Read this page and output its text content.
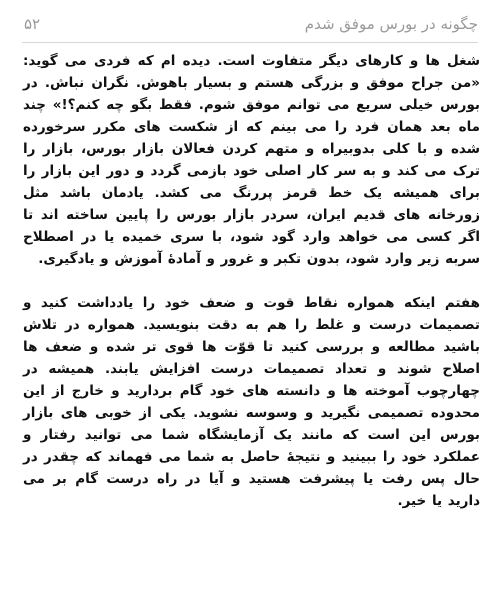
چگونه در بورس موفق شدم
۵۲

شغل ها و کارهای دیگر متفاوت است. دیده ام که فردی می گوید: «من جراح موفق و بزرگی هستم و بسیار باهوش. نگران نباش. در بورس خیلی سریع می توانم موفق شوم. فقط بگو چه کنم؟!» چند ماه بعد همان فرد را می بینم که از شکست های مکرر سرخورده شده و با کلی بدوبیراه و متهم کردن فعالان بازار بورس، بازار را ترک می کند و به سر کار اصلی خود بازمی گردد و دور این بازار را برای همیشه یک خط قرمز پررنگ می کشد. یادمان باشد مثل زورخانه های قدیم ایران، سردر بازار بورس را پایین ساخته اند تا اگر کسی می خواهد وارد گود شود، با سری خمیده یا در اصطلاح سربه زیر وارد شود، بدون تکبر و غرور و آمادهٔ آموزش و یادگیری.

هفتم اینکه همواره نقاط قوت و ضعف خود را یادداشت کنید و تصمیمات درست و غلط را هم به دقت بنویسید. همواره در تلاش باشید مطالعه و بررسی کنید تا قوّت ها قوی تر شده و ضعف ها اصلاح شوند و تعداد تصمیمات درست افزایش یابند. همیشه در چهارچوب آموخته ها و دانسته های خود گام بردارید و خارج از این محدوده تصمیمی نگیرید و وسوسه نشوید. یکی از خوبی های بازار بورس این است که مانند یک آزمایشگاه شما می توانید رفتار و عملکرد خود را ببینید و نتیجهٔ حاصل به شما می فهماند که چقدر در حال پس رفت یا پیشرفت هستید و آیا در راه درست گام بر می دارید یا خیر.
